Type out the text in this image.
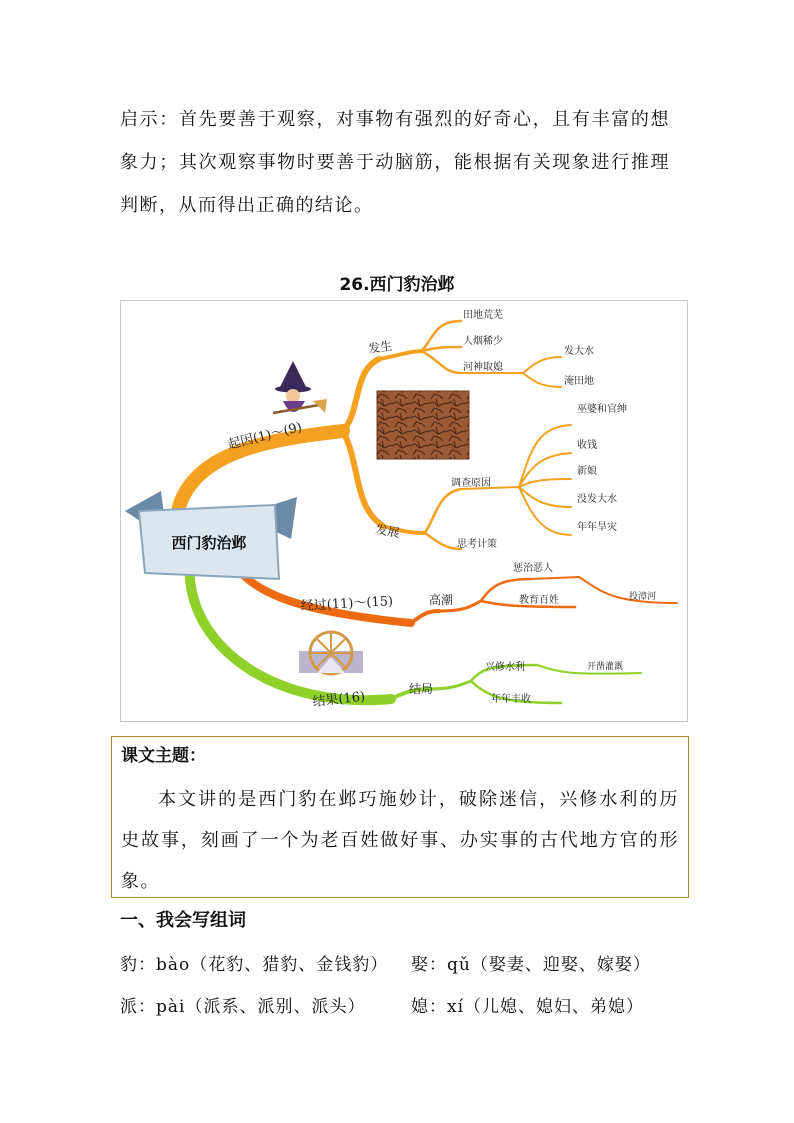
启示：首先要善于观察，对事物有强烈的好奇心，且有丰富的想象力；其次观察事物时要善于动脑筋，能根据有关现象进行推理判断，从而得出正确的结论。
26.西门豹治邺
西门豹治邺
起因(1)～(9)
发生
田地荒芜
人烟稀少
河神取媳
发大水
淹田地
发展
调查原因
思考计策
巫婆和官绅
收钱
新娘
没发大水
年年旱灾
经过(11)～(15)	高潮
惩治恶人
教育百姓	投漳河
结果(16)
结局
兴修水利
年年丰收
开凿灌溉
课文主题：
本文讲的是西门豹在邺巧施妙计，破除迷信，兴修水利的历史故事，刻画了一个为老百姓做好事、办实事的古代地方官的形象。
一、我会写组词
豹：bào（花豹、猎豹、金钱豹） 娶：qǔ（娶妻、迎娶、嫁娶）
派：pài（派系、派别、派头）	媳：xí（儿媳、媳妇、弟媳）
